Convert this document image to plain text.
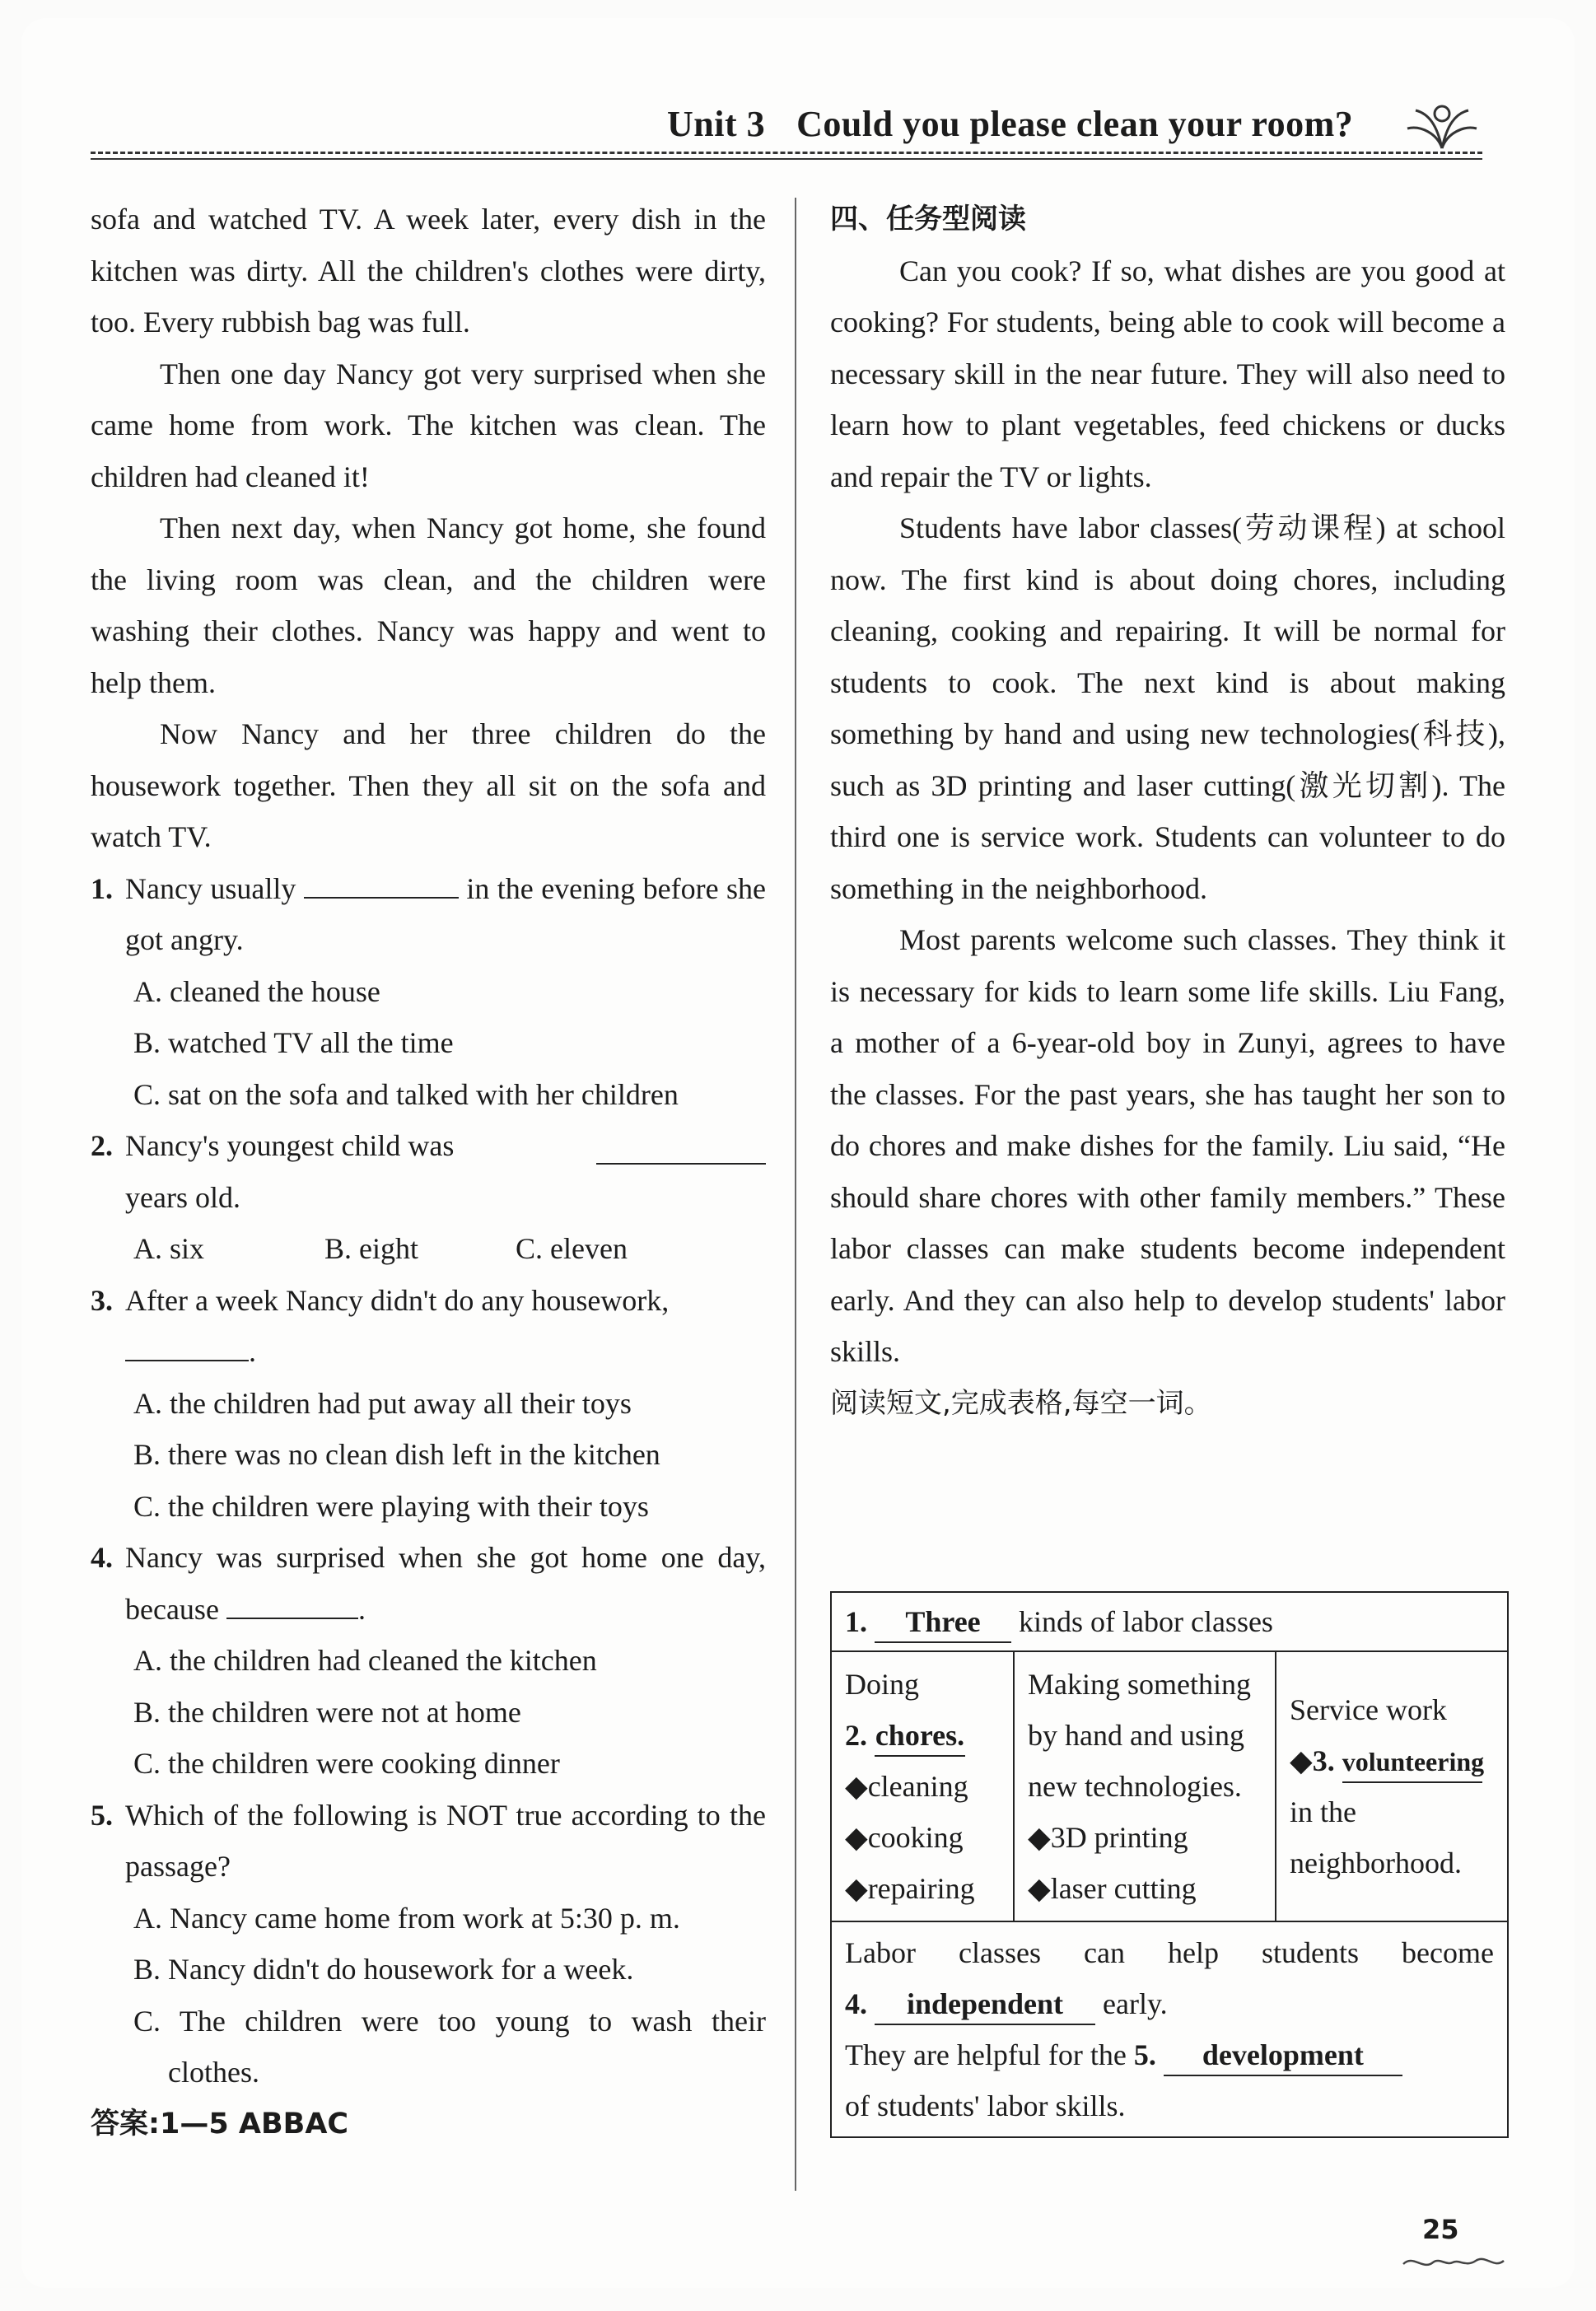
Unit 3 Could you please clean your room?

sofa and watched TV. A week later, every dish in the kitchen was dirty. All the children's clothes were dirty, too. Every rubbish bag was full.

Then one day Nancy got very surprised when she came home from work. The kitchen was clean. The children had cleaned it!

Then next day, when Nancy got home, she found the living room was clean, and the children were washing their clothes. Nancy was happy and went to help them.

Now Nancy and her three children do the housework together. Then they all sit on the sofa and watch TV.

1. Nancy usually	in the evening before she got angry.
A. cleaned the house
B. watched TV all the time
C. sat on the sofa and talked with her children
2. Nancy's youngest child was

years old.
A. six	B. eight	C. eleven
3. After a week Nancy didn't do any housework,
.
A. the children had put away all their toys
B. there was no clean dish left in the kitchen
C. the children were playing with their toys
4. Nancy was surprised when she got home one day, because	.
A. the children had cleaned the kitchen
B. the children were not at home
C. the children were cooking dinner
5. Which of the following is NOT true according to the passage?
A. Nancy came home from work at 5:30 p. m.
B. Nancy didn't do housework for a week.
C. The children were too young to wash their clothes.
答案:1—5 ABBAC
四、任务型阅读

Can you cook? If so, what dishes are you good at cooking? For students, being able to cook will become a necessary skill in the near future. They will also need to learn how to plant vegetables, feed chickens or ducks and repair the TV or lights.

Students have labor classes(劳动课程) at school now. The first kind is about doing chores, including cleaning, cooking and repairing. It will be normal for students to cook. The next kind is about making something by hand and using new technologies(科技), such as 3D printing and laser cutting(激光切割). The third one is service work. Students can volunteer to do something in the neighborhood.

Most parents welcome such classes. They think it is necessary for kids to learn some life skills. Liu Fang, a mother of a 6-year-old boy in Zunyi, agrees to have the classes. For the past years, she has taught her son to do chores and make dishes for the family. Liu said, “He should share chores with other family members.” These labor classes can make students become independent early. And they can also help to develop students' labor skills.

阅读短文,完成表格,每空一词。
1. Three kinds of labor classes

Doing
2. chores.
◆cleaning
◆cooking
◆repairing

Making something
by hand and using
new technologies.
◆3D printing
◆laser cutting

Service work
◆3. volunteering
in the
neighborhood.

Labor classes can help students become
4. independent early.
They are helpful for the 5. development
of students' labor skills.
25
